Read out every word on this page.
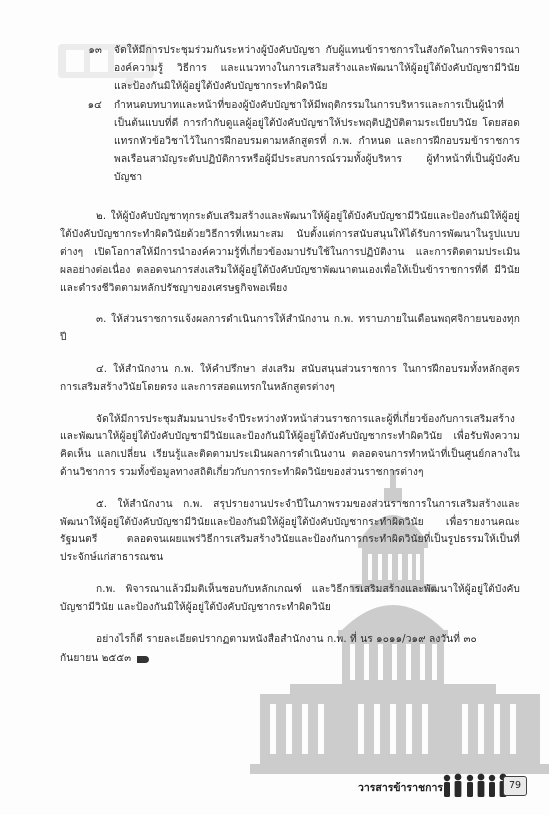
๑๓	จัดให้มีการประชุมร่วมกันระหว่างผู้บังคับบัญชา กับผู้แทนข้าราชการในสังกัดในการพิจารณาองค์ความรู้ วิธีการ และแนวทางในการเสริมสร้างและพัฒนาให้ผู้อยู่ใต้บังคับบัญชามีวินัย และป้องกันมิให้ผู้อยู่ใต้บังคับบัญชากระทำผิดวินัย
๑๔	กำหนดบทบาทและหน้าที่ของผู้บังคับบัญชาให้มีพฤติกรรมในการบริหารและการเป็นผู้นำที่เป็นต้นแบบที่ดี การกำกับดูแลผู้อยู่ใต้บังคับบัญชาให้ประพฤติปฏิบัติตามระเบียบวินัย โดยสอดแทรกหัวข้อวิชาไว้ในการฝึกอบรมตามหลักสูตรที่ ก.พ. กำหนด และการฝึกอบรมข้าราชการพลเรือนสามัญระดับปฏิบัติการหรือผู้มีประสบการณ์รวมทั้งผู้บริหาร ผู้ทำหน้าที่เป็นผู้บังคับบัญชา

๒. ให้ผู้บังคับบัญชาทุกระดับเสริมสร้างและพัฒนาให้ผู้อยู่ใต้บังคับบัญชามีวินัยและป้องกันมิให้ผู้อยู่ใต้บังคับบัญชากระทำผิดวินัยด้วยวิธีการที่เหมาะสม นับตั้งแต่การสนับสนุนให้ได้รับการพัฒนาในรูปแบบต่างๆ เปิดโอกาสให้มีการนำองค์ความรู้ที่เกี่ยวข้องมาปรับใช้ในการปฏิบัติงาน และการติดตามประเมินผลอย่างต่อเนื่อง ตลอดจนการส่งเสริมให้ผู้อยู่ใต้บังคับบัญชาพัฒนาตนเองเพื่อให้เป็นข้าราชการที่ดี มีวินัย และดำรงชีวิตตามหลักปรัชญาของเศรษฐกิจพอเพียง

๓. ให้ส่วนราชการแจ้งผลการดำเนินการให้สำนักงาน ก.พ. ทราบภายในเดือนพฤศจิกายนของทุกปี

๔. ให้สำนักงาน ก.พ. ให้คำปรึกษา ส่งเสริม สนับสนุนส่วนราชการ ในการฝึกอบรมทั้งหลักสูตรการเสริมสร้างวินัยโดยตรง และการสอดแทรกในหลักสูตรต่างๆ

จัดให้มีการประชุมสัมมนาประจำปีระหว่างหัวหน้าส่วนราชการและผู้ที่เกี่ยวข้องกับการเสริมสร้างและพัฒนาให้ผู้อยู่ใต้บังคับบัญชามีวินัยและป้องกันมิให้ผู้อยู่ใต้บังคับบัญชากระทำผิดวินัย เพื่อรับฟังความคิดเห็น แลกเปลี่ยน เรียนรู้และติดตามประเมินผลการดำเนินงาน ตลอดจนการทำหน้าที่เป็นศูนย์กลางในด้านวิชาการ รวมทั้งข้อมูลทางสถิติเกี่ยวกับการกระทำผิดวินัยของส่วนราชการต่างๆ

๕. ให้สำนักงาน ก.พ. สรุปรายงานประจำปีในภาพรวมของส่วนราชการในการเสริมสร้างและพัฒนาให้ผู้อยู่ใต้บังคับบัญชามีวินัยและป้องกันมิให้ผู้อยู่ใต้บังคับบัญชากระทำผิดวินัย เพื่อรายงานคณะรัฐมนตรี ตลอดจนเผยแพร่วิธีการเสริมสร้างวินัยและป้องกันการกระทำผิดวินัยที่เป็นรูปธรรมให้เป็นที่ประจักษ์แก่สาธารณชน

ก.พ. พิจารณาแล้วมีมติเห็นชอบกับหลักเกณฑ์ และวิธีการเสริมสร้างและพัฒนาให้ผู้อยู่ใต้บังคับบัญชามีวินัย และป้องกันมิให้ผู้อยู่ใต้บังคับบัญชากระทำผิดวินัย

อย่างไรก็ดี รายละเอียดปรากฏตามหนังสือสำนักงาน ก.พ. ที่ นร ๑๐๑๑/ว๑๙ ลงวันที่ ๓๐

กันยายน ๒๕๕๓
วารสารข้าราชการ	79
